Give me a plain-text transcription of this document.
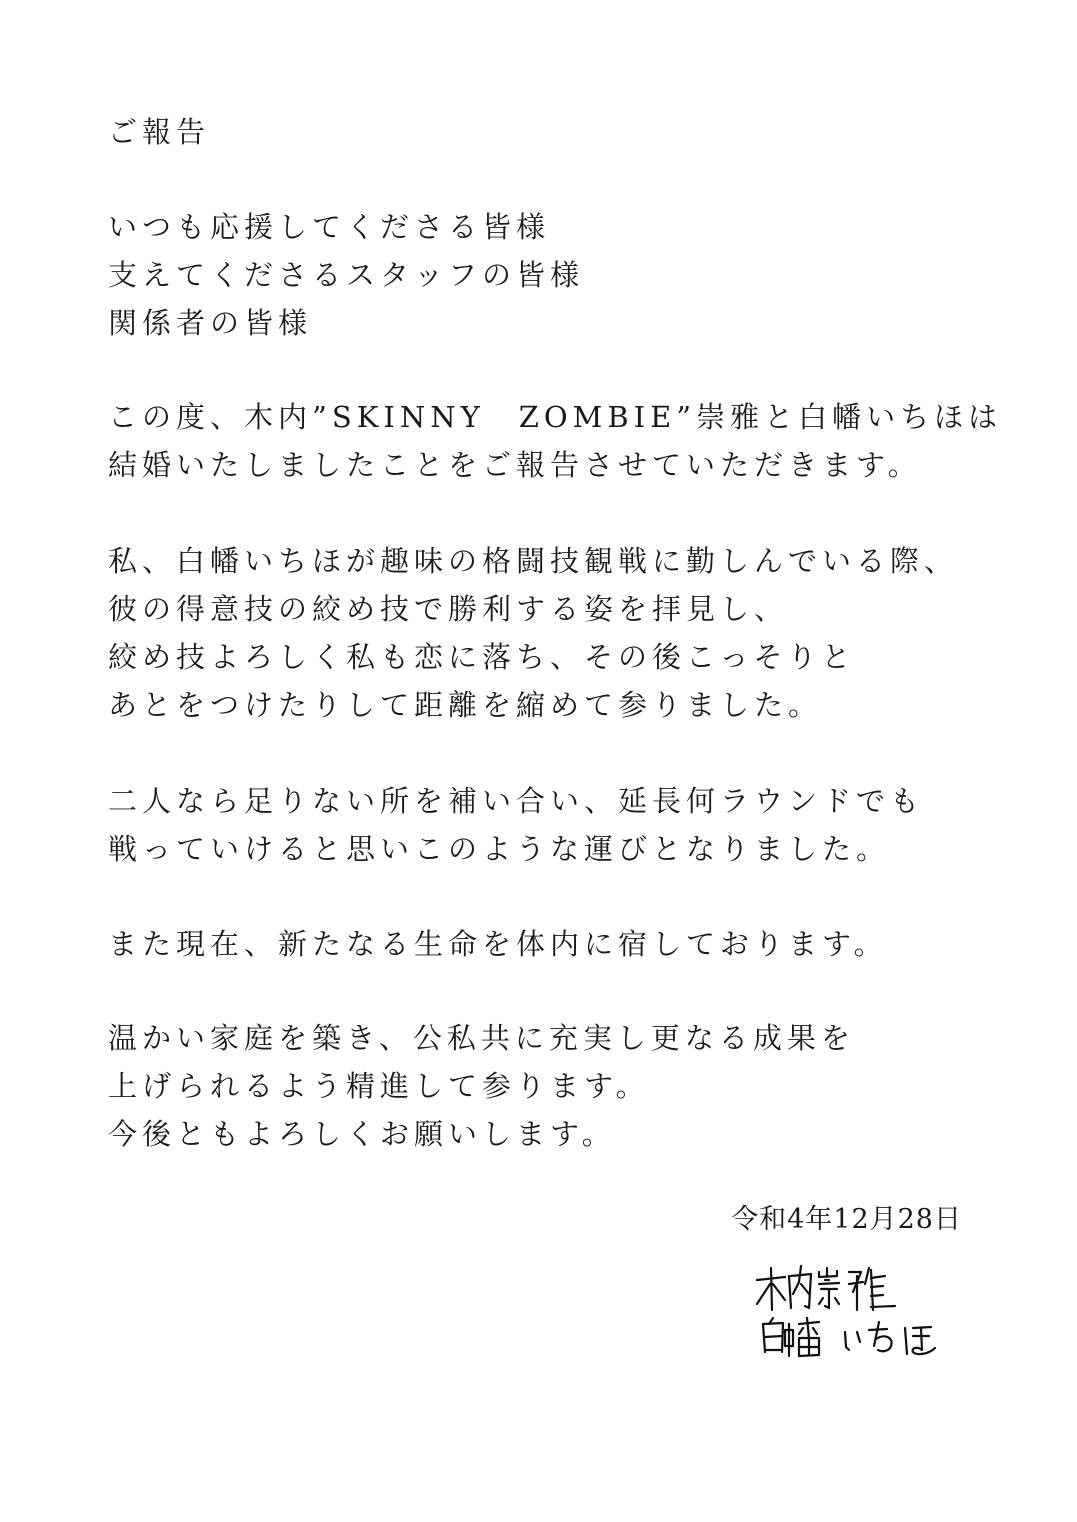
ご報告
いつも応援してくださる皆様
支えてくださるスタッフの皆様
関係者の皆様
この度、木内”SKINNY　ZOMBIE”崇雅と白幡いちほは
結婚いたしましたことをご報告させていただきます。
私、白幡いちほが趣味の格闘技観戦に勤しんでいる際、
彼の得意技の絞め技で勝利する姿を拝見し、
絞め技よろしく私も恋に落ち、その後こっそりと
あとをつけたりして距離を縮めて参りました。
二人なら足りない所を補い合い、延長何ラウンドでも
戦っていけると思いこのような運びとなりました。
また現在、新たなる生命を体内に宿しております。
温かい家庭を築き、公私共に充実し更なる成果を
上げられるよう精進して参ります。
今後ともよろしくお願いします。
令和4年12月28日
